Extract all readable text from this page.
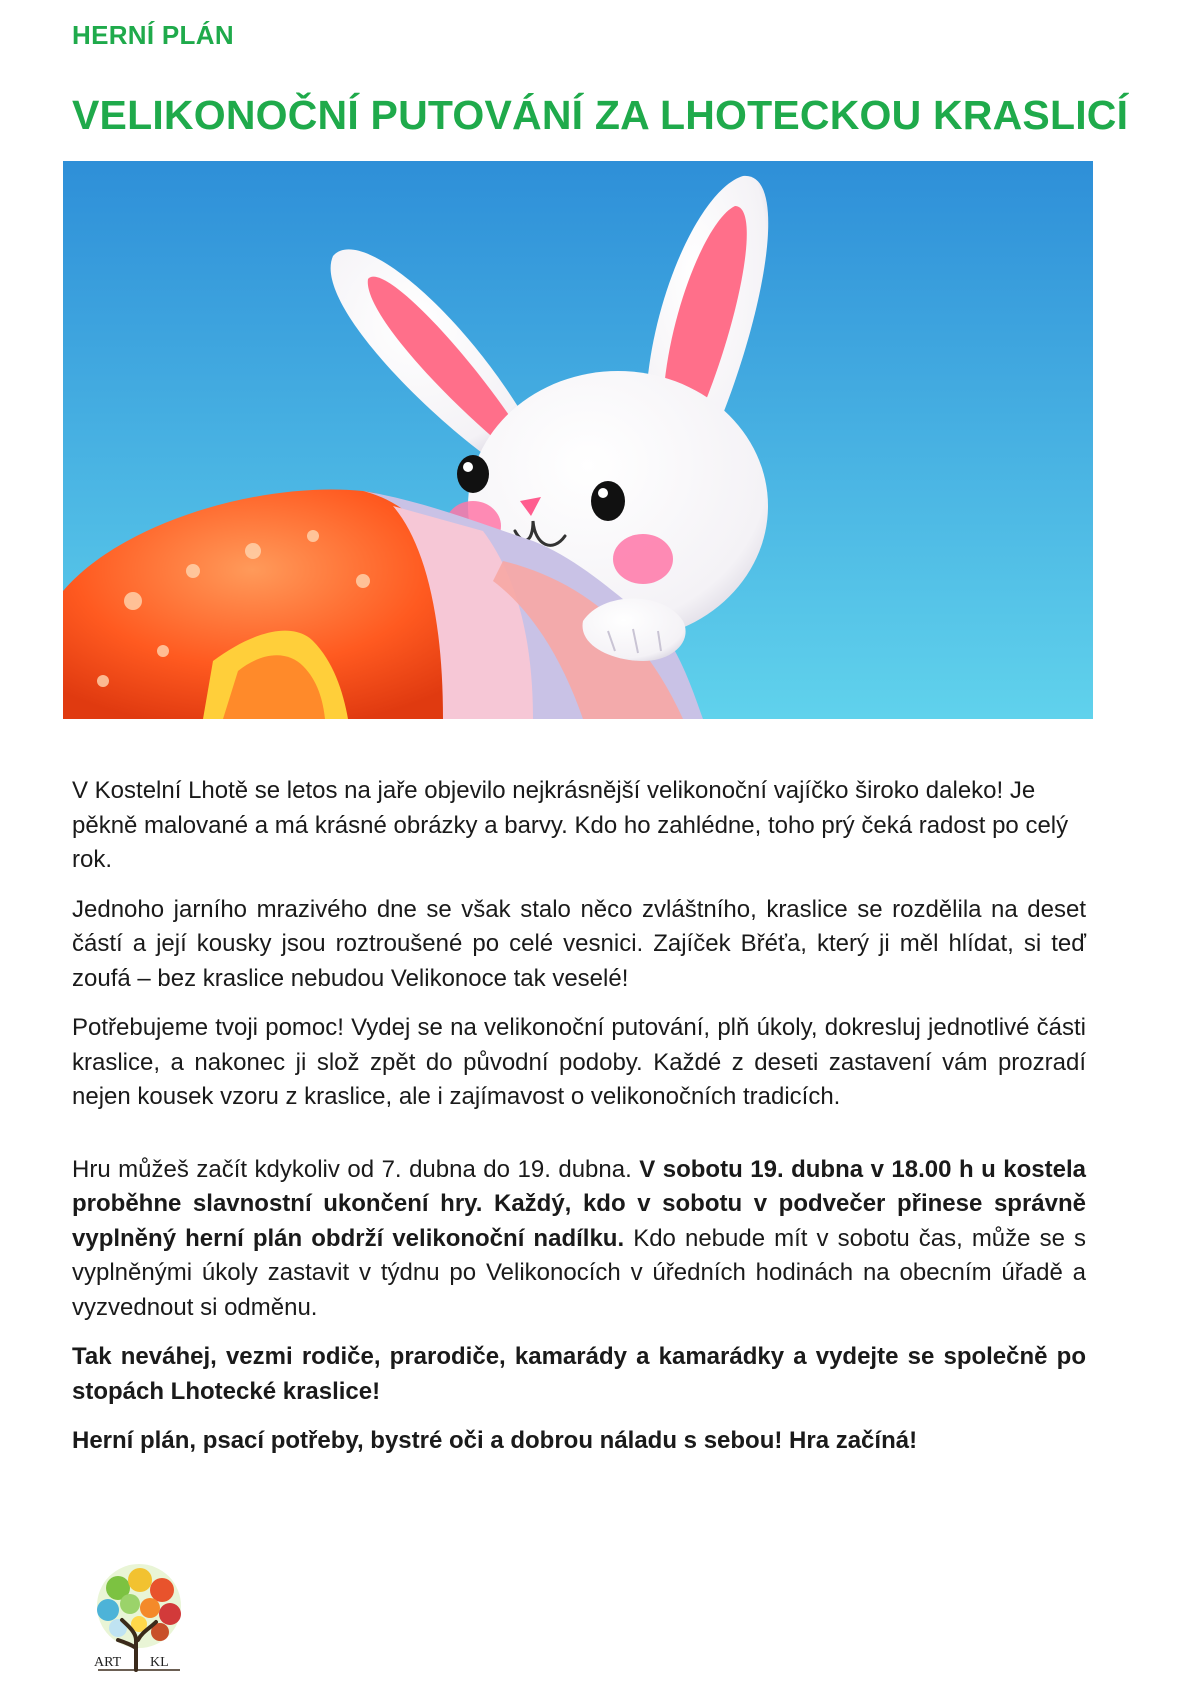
HERNÍ PLÁN
VELIKONOČNÍ PUTOVÁNÍ ZA LHOTECKOU KRASLICÍ

V Kostelní Lhotě se letos na jaře objevilo nejkrásnější velikonoční vajíčko široko daleko! Je pěkně malované a má krásné obrázky a barvy. Kdo ho zahlédne, toho prý čeká radost po celý rok.

Jednoho jarního mrazivého dne se však stalo něco zvláštního, kraslice se rozdělila na deset částí a její kousky jsou roztroušené po celé vesnici. Zajíček Břéťa, který ji měl hlídat, si teď zoufá – bez kraslice nebudou Velikonoce tak veselé!

Potřebujeme tvoji pomoc! Vydej se na velikonoční putování, plň úkoly, dokresluj jednotlivé části kraslice, a nakonec ji slož zpět do původní podoby. Každé z deseti zastavení vám prozradí nejen kousek vzoru z kraslice, ale i zajímavost o velikonočních tradicích.

Hru můžeš začít kdykoliv od 7. dubna do 19. dubna. V sobotu 19. dubna v 18.00 h u kostela proběhne slavnostní ukončení hry. Každý, kdo v sobotu v podvečer přinese správně vyplněný herní plán obdrží velikonoční nadílku. Kdo nebude mít v sobotu čas, může se s vyplněnými úkoly zastavit v týdnu po Velikonocích v úředních hodinách na obecním úřadě a vyzvednout si odměnu.

Tak neváhej, vezmi rodiče, prarodiče, kamarády a kamarádky a vydejte se společně po stopách Lhotecké kraslice!

Herní plán, psací potřeby, bystré oči a dobrou náladu s sebou! Hra začíná!

ART KL
